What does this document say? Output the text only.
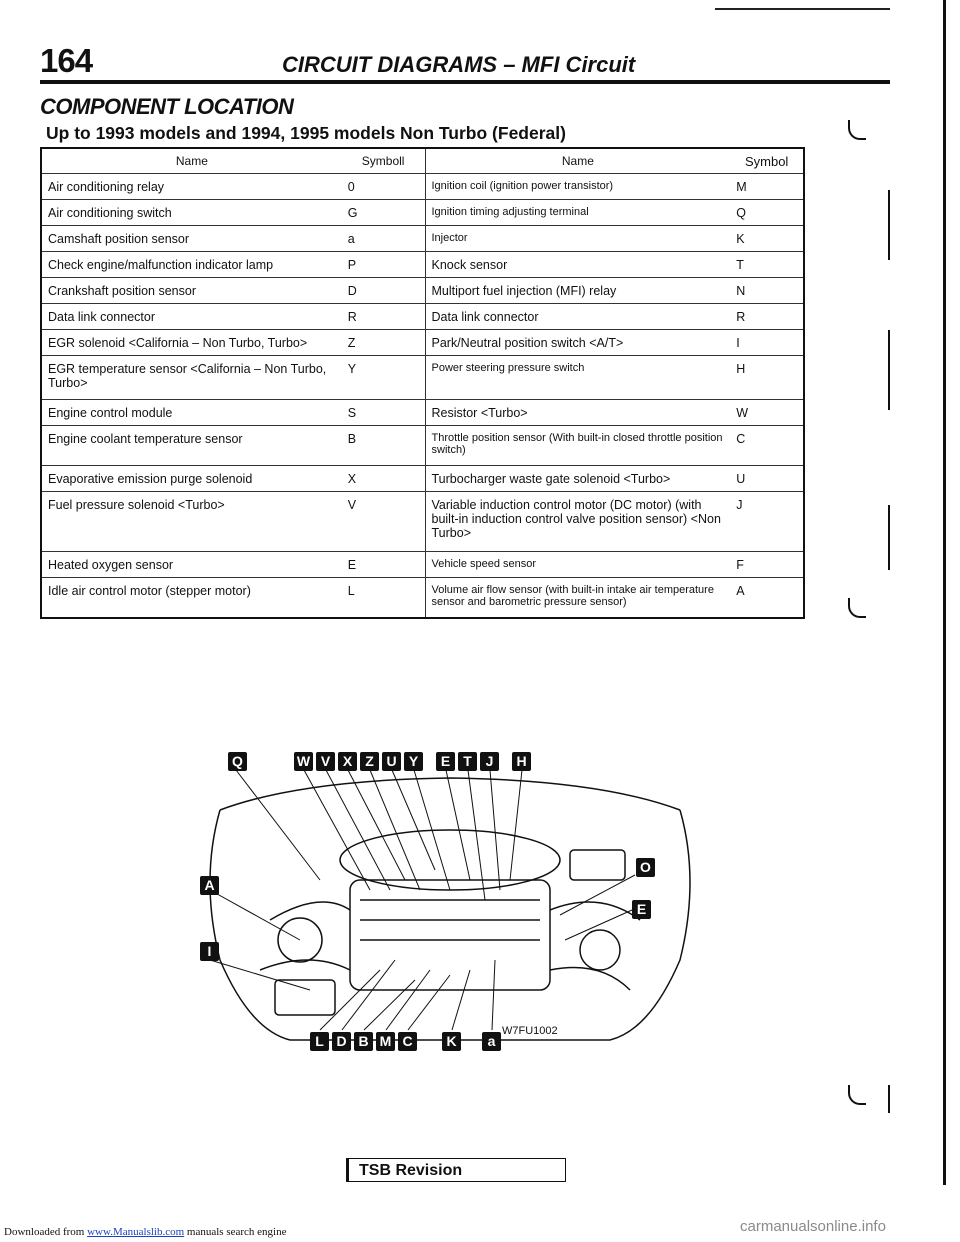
164	CIRCUIT DIAGRAMS – MFI Circuit
COMPONENT LOCATION
Up to 1993 models and 1994, 1995 models Non Turbo (Federal)
Name	Symboll	Name	Symbol
Air conditioning relay	0	Ignition coil (ignition power transistor)	M
Air conditioning switch	G	Ignition timing adjusting terminal	Q
Camshaft position sensor	a	Injector	K
Check engine/malfunction indicator lamp	P	Knock sensor	T
Crankshaft position sensor	D	Multiport fuel injection (MFI) relay	N
Data link connector	R	Data link connector	R
EGR solenoid <California – Non Turbo, Turbo>	Z	Park/Neutral position switch <A/T>	I
EGR temperature sensor <California – Non Turbo, Turbo>	Y	Power steering pressure switch	H
Engine control module	S	Resistor <Turbo>	W
Engine coolant temperature sensor	B	Throttle position sensor (With built-in closed throttle position switch)	C
Evaporative emission purge solenoid	X	Turbocharger waste gate solenoid <Turbo>	U
Fuel pressure solenoid <Turbo>	V	Variable induction control motor (DC motor) (with built-in induction control valve position sensor) <Non Turbo>	J
Heated oxygen sensor	E	Vehicle speed sensor	F
Idle air control motor (stepper motor)	L	Volume air flow sensor (with built-in intake air temperature sensor and barometric pressure sensor)	A
Q	W V X Z U Y	E T J	H
A
I
O
E
L D B M C	K	a
W7FU1002
TSB Revision
Downloaded from www.Manualslib.com manuals search engine	carmanualsonline.info
